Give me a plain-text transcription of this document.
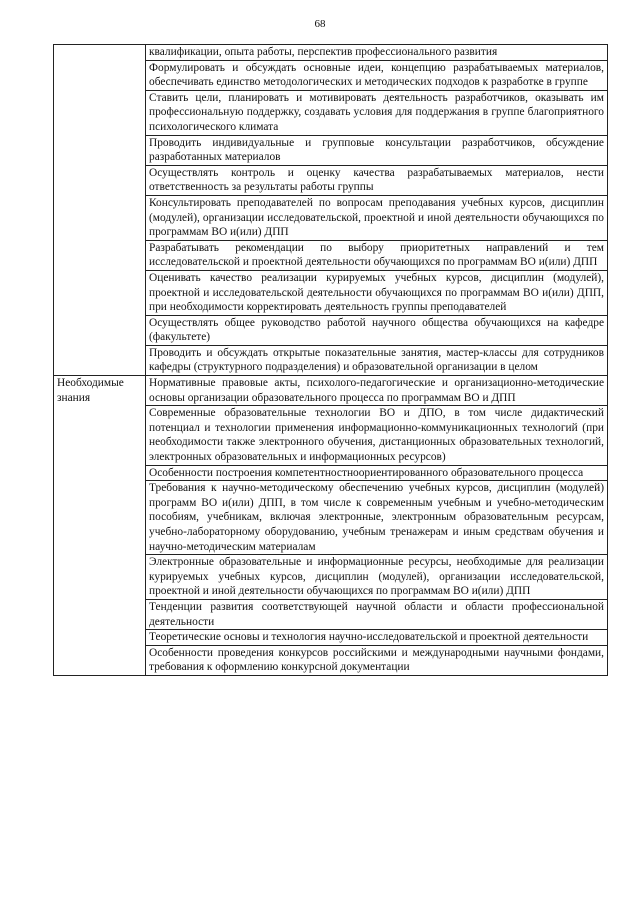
68
	квалификации, опыта работы, перспектив профессионального развития
	Формулировать и обсуждать основные идеи, концепцию разрабатываемых материалов, обеспечивать единство методологических и методических подходов к разработке в группе
	Ставить цели, планировать и мотивировать деятельность разработчиков, оказывать им профессиональную поддержку, создавать условия для поддержания в группе благоприятного психологического климата
	Проводить индивидуальные и групповые консультации разработчиков, обсуждение разработанных материалов
	Осуществлять контроль и оценку качества разрабатываемых материалов, нести ответственность за результаты работы группы
	Консультировать преподавателей по вопросам преподавания учебных курсов, дисциплин (модулей), организации исследовательской, проектной и иной деятельности обучающихся по программам ВО и(или) ДПП
	Разрабатывать рекомендации по выбору приоритетных направлений и тем исследовательской и проектной деятельности обучающихся по программам ВО и(или) ДПП
	Оценивать качество реализации курируемых учебных курсов, дисциплин (модулей), проектной и исследовательской деятельности обучающихся по программам ВО и(или) ДПП, при необходимости корректировать деятельность группы преподавателей
	Осуществлять общее руководство работой научного общества обучающихся на кафедре (факультете)
	Проводить и обсуждать открытые показательные занятия, мастер-классы для сотрудников кафедры (структурного подразделения) и образовательной организации в целом

Необходимые знания	Нормативные правовые акты, психолого-педагогические и организационно-методические основы организации образовательного процесса по программам ВО и ДПП
	Современные образовательные технологии ВО и ДПО, в том числе дидактический потенциал и технологии применения информационно-коммуникационных технологий (при необходимости также электронного обучения, дистанционных образовательных технологий, электронных образовательных и информационных ресурсов)
	Особенности построения компетентностноориентированного образовательного процесса
	Требования к научно-методическому обеспечению учебных курсов, дисциплин (модулей) программ ВО и(или) ДПП, в том числе к современным учебным и учебно-методическим пособиям, учебникам, включая электронные, электронным образовательным ресурсам, учебно-лабораторному оборудованию, учебным тренажерам и иным средствам обучения и научно-методическим материалам
	Электронные образовательные и информационные ресурсы, необходимые для реализации курируемых учебных курсов, дисциплин (модулей), организации исследовательской, проектной и иной деятельности обучающихся по программам ВО и(или) ДПП
	Тенденции развития соответствующей научной области и области профессиональной деятельности
	Теоретические основы и технология научно-исследовательской и проектной деятельности
	Особенности проведения конкурсов российскими и международными научными фондами, требования к оформлению конкурсной документации
